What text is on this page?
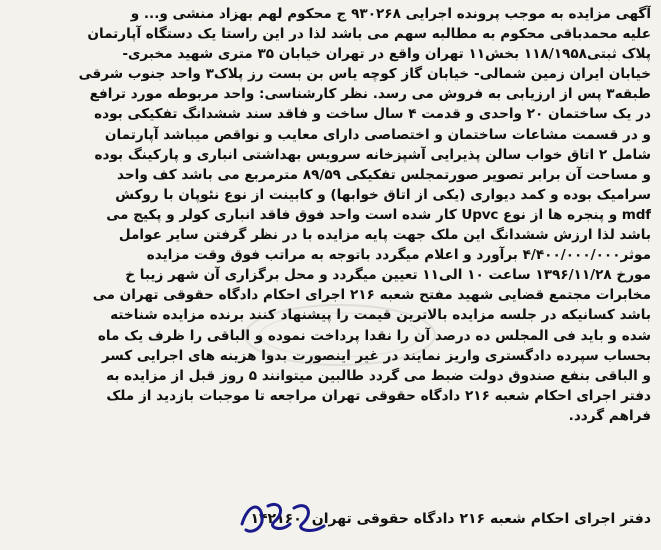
آگهی مزایده به موجب پرونده اجرایی ۹۳۰۲۶۸ ج محکوم لهم بهزاد منشی و... و
علیه محمدباقی محکوم به مطالبه سهم می باشد لذا در این راستا یک دستگاه آپارتمان
پلاک ثبتی۱۱۸/۱۹۵۸ بخش۱۱ تهران واقع در تهران خیابان ۳۵ متری شهید مخبری-
خیابان ایران زمین شمالی- خیابان گاز کوچه یاس بن بست رز پلاک۳ واحد جنوب شرقی
طبقه۳ پس از ارزیابی به فروش می رسد. نظر کارشناسی: واحد مربوطه مورد ترافع
در یک ساختمان ۲۰ واحدی و قدمت ۴ سال ساخت و فاقد سند ششدانگ تفکیکی بوده
و در قسمت مشاعات ساختمان و اختصاصی دارای معایب و نواقص میباشد آپارتمان
شامل ۲ اتاق خواب سالن پذیرایی آشپزخانه سرویس بهداشتی انباری و پارکینگ بوده
و مساحت آن برابر تصویر صورتمجلس تفکیکی ۸۹/۵۹ مترمربع می باشد کف واحد
سرامیک بوده و کمد دیواری (یکی از اتاق خوابها) و کابینت از نوع نئوپان با روکش
mdf و پنجره ها از نوع Upvc کار شده است واحد فوق فاقد انباری کولر و پکیج می
باشد لذا ارزش ششدانگ این ملک جهت پایه مزایده با در نظر گرفتن سایر عوامل
موثر۴/۴۰۰/۰۰۰/۰۰۰ برآورد و اعلام میگردد باتوجه به مراتب فوق وقت مزایده
مورخ ۱۳۹۶/۱۱/۲۸ ساعت ۱۰ الی۱۱ تعیین میگردد و محل برگزاری آن شهر زیبا خ
مخابرات مجتمع قضایی شهید مفتح شعبه ۲۱۶ اجرای احکام دادگاه حقوقی تهران می
باشد کسانیکه در جلسه مزایده بالاترین قیمت را پیشنهاد کنند برنده مزایده شناخته
شده و باید فی المجلس ده درصد آن را نقدا پرداخت نموده و الباقی را ظرف یک ماه
بحساب سپرده دادگستری واریز نمایند در غیر اینصورت بدوا هزینه های اجرایی کسر
و الباقی بنفع صندوق دولت ضبط می گردد طالبین میتوانند ۵ روز قبل از مزایده به
دفتر اجرای احکام شعبه ۲۱۶ دادگاه حقوقی تهران مراجعه تا موجبات بازدید از ملک
فراهم گردد.
دفتر اجرای احکام شعبه ۲۱۶ دادگاه حقوقی تهران
۱۴۲۱۶۰
